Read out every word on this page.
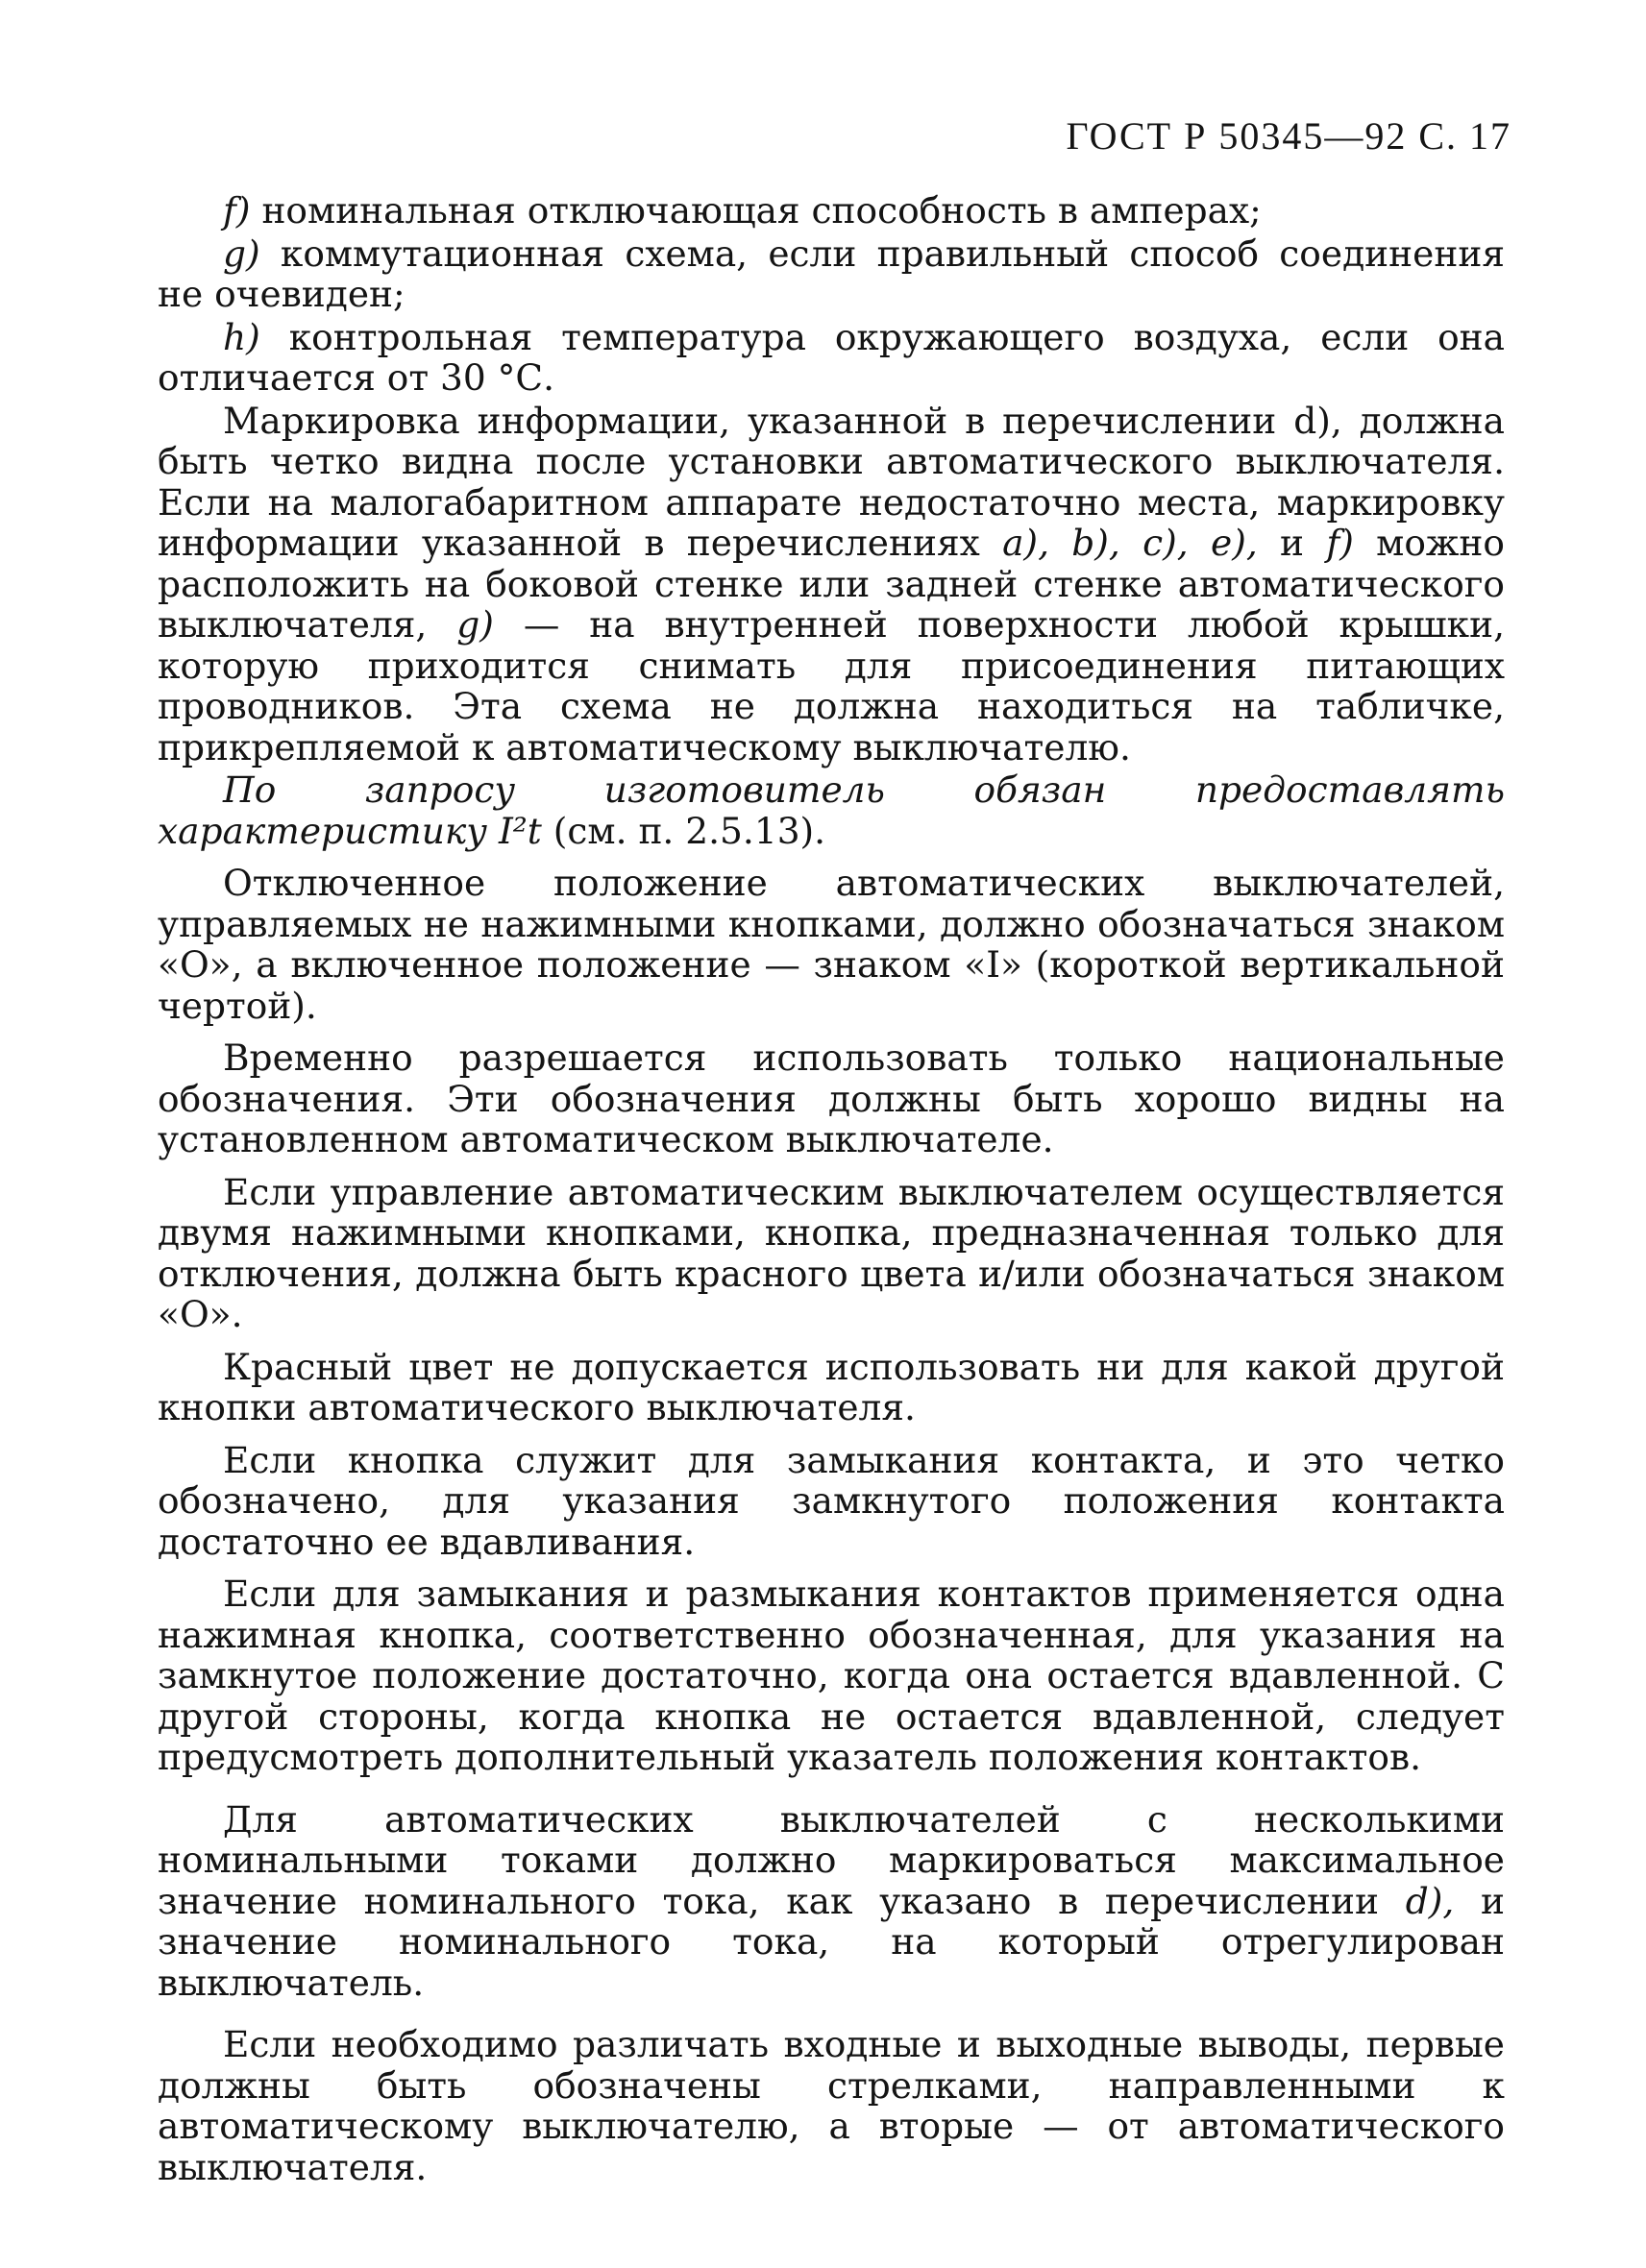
ГОСТ Р 50345—92 С. 17

f) номинальная отключающая способность в амперах;

g) коммутационная схема, если правильный способ соединения не очевиден;

h) контрольная температура окружающего воздуха, если она отличается от 30 °С.

Маркировка информации, указанной в перечислении d), должна быть четко видна после установки автоматического выключателя. Если на малогабаритном аппарате недостаточно места, маркировку информации указанной в перечислениях a), b), c), e), и f) можно расположить на боковой стенке или задней стенке автоматического выключателя, g) — на внутренней поверхности любой крышки, которую приходится снимать для присоединения питающих проводников. Эта схема не должна находиться на табличке, прикрепляемой к автоматическому выключателю.

По запросу изготовитель обязан предоставлять характеристику I²t (см. п. 2.5.13).

Отключенное положение автоматических выключателей, управляемых не нажимными кнопками, должно обозначаться знаком «О», а включенное положение — знаком «I» (короткой вертикальной чертой).

Временно разрешается использовать только национальные обозначения. Эти обозначения должны быть хорошо видны на установленном автоматическом выключателе.

Если управление автоматическим выключателем осуществляется двумя нажимными кнопками, кнопка, предназначенная только для отключения, должна быть красного цвета и/или обозначаться знаком «О».

Красный цвет не допускается использовать ни для какой другой кнопки автоматического выключателя.

Если кнопка служит для замыкания контакта, и это четко обозначено, для указания замкнутого положения контакта достаточно ее вдавливания.

Если для замыкания и размыкания контактов применяется одна нажимная кнопка, соответственно обозначенная, для указания на замкнутое положение достаточно, когда она остается вдавленной. С другой стороны, когда кнопка не остается вдавленной, следует предусмотреть дополнительный указатель положения контактов.

Для автоматических выключателей с несколькими номинальными токами должно маркироваться максимальное значение номинального тока, как указано в перечислении d), и значение номинального тока, на который отрегулирован выключатель.

Если необходимо различать входные и выходные выводы, первые должны быть обозначены стрелками, направленными к автоматическому выключателю, а вторые — от автоматического выключателя.
